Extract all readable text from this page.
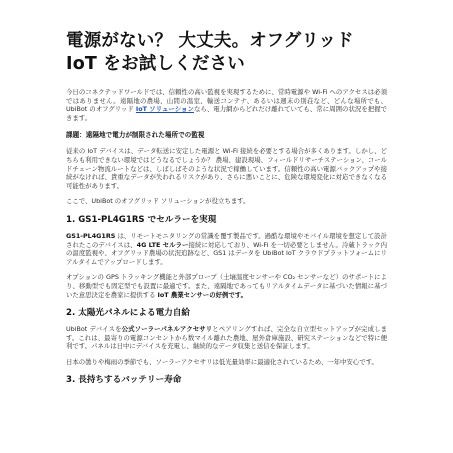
電源がない？ 大丈夫。オフグリッド
IoT をお試しください

今日のコネクテッドワールドでは、信頼性の高い監視を実現するために、常時電源や Wi-Fi へのアクセスは必須ではありません。遠隔地の農場、山間の温室、輸送コンテナ、あるいは週末の別荘など、どんな場所でも、UbiBot のオフグリッド IoT ソリューションなら、電力網からどれだけ離れていても、常に周囲の状況を把握できます。

課題：遠隔地で電力が制限された場所での監視

従来の IoT デバイスは、データ転送に安定した電源と Wi-Fi 接続を必要とする場合が多くあります。しかし、どちらも利用できない環境ではどうなるでしょうか？ 農場、建設現場、フィールドリサーチステーション、コールドチェーン物流ルートなどは、しばしばそのような状況で稼働しています。信頼性の高い電源バックアップや接続がなければ、貴重なデータが失われるリスクがあり、さらに悪いことに、危険な環境変化に対応できなくなる可能性があります。

ここで、UbiBot のオフグリッド ソリューションが役立ちます。

1. GS1-PL4G1RS でセルラーを実現

GS1-PL4G1RS は、リモートモニタリングの常識を覆す製品です。過酷な環境やモバイル環境を想定して設計されたこのデバイスは、4G LTE セルラー接続に対応しており、Wi-Fi を一切必要としません。冷蔵トラック内の温度監視や、オフグリッド農場の状況追跡など、GS1 はデータを UbiBot IoT クラウドプラットフォームにリアルタイムでアップロードします。

オプションの GPS トラッキング機能と外部プローブ（土壌温度センサーや CO₂ センサーなど）のサポートにより、移動型でも固定型でも設置に最適です。また、遠隔地であってもリアルタイムデータに基づいた情報に基づいた意思決定を農家に提供する IoT 農業センサーの好例です。

2. 太陽光パネルによる電力自給

UbiBot デバイスを公式ソーラーパネルアクセサリとペアリングすれば、完全な自立型セットアップが完成します。これは、最寄りの電源コンセントから数マイル離れた農地、屋外倉庫施設、研究ステーションなどで特に便利です。パネルは日中にデバイスを充電し、継続的なデータ収集と送信を保証します。

日本の曇りや梅雨の季節でも、ソーラーアクセサリは低光量効率に最適化されているため、一年中安心です。

3. 長持ちするバッテリー寿命
